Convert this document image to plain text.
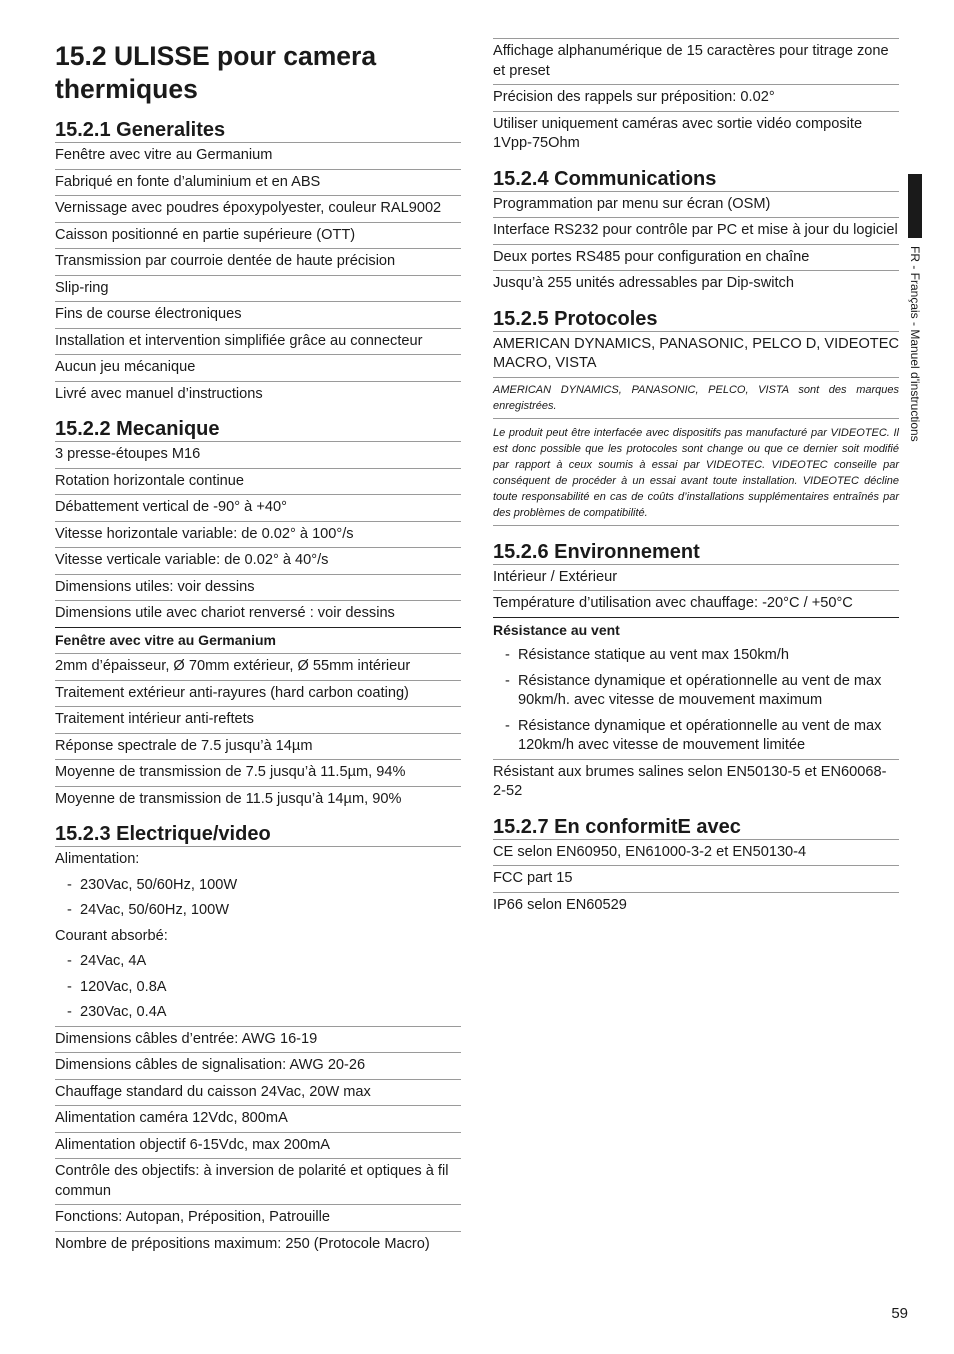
15.2 ULISSE pour camera thermiques
15.2.1 Generalites
Fenêtre avec vitre au Germanium
Fabriqué en fonte d’aluminium et en ABS
Vernissage avec poudres époxypolyester, couleur RAL9002
Caisson positionné en partie supérieure (OTT)
Transmission par courroie dentée de haute précision
Slip-ring
Fins de course électroniques
Installation et intervention simplifiée grâce au connecteur
Aucun jeu mécanique
Livré avec manuel d’instructions
15.2.2 Mecanique
3 presse-étoupes M16
Rotation horizontale continue
Débattement vertical de -90° à +40°
Vitesse horizontale variable: de 0.02° à 100°/s
Vitesse verticale variable: de 0.02° à 40°/s
Dimensions utiles: voir dessins
Dimensions utile avec chariot renversé : voir dessins
Fenêtre avec vitre au Germanium
2mm d’épaisseur, Ø 70mm extérieur, Ø 55mm intérieur
Traitement extérieur anti-rayures (hard carbon coating)
Traitement intérieur anti-reftets
Réponse spectrale de 7.5 jusqu’à 14µm
Moyenne de transmission de 7.5 jusqu’à 11.5µm, 94%
Moyenne de transmission de 11.5 jusqu’à 14µm, 90%
15.2.3 Electrique/video
Alimentation:
- 230Vac, 50/60Hz, 100W
- 24Vac, 50/60Hz, 100W
Courant absorbé:
- 24Vac, 4A
- 120Vac, 0.8A
- 230Vac, 0.4A
Dimensions câbles d’entrée: AWG 16-19
Dimensions câbles de signalisation: AWG 20-26
Chauffage standard du caisson 24Vac, 20W max
Alimentation caméra 12Vdc, 800mA
Alimentation objectif 6-15Vdc, max 200mA
Contrôle des objectifs: à inversion de polarité et optiques à fil commun
Fonctions: Autopan, Préposition, Patrouille
Nombre de prépositions maximum: 250 (Protocole Macro)
Affichage alphanumérique de 15 caractères pour titrage zone et preset
Précision des rappels sur préposition: 0.02°
Utiliser uniquement caméras avec sortie vidéo composite 1Vpp-75Ohm
15.2.4 Communications
Programmation par menu sur écran (OSM)
Interface RS232 pour contrôle par PC et mise à jour du logiciel
Deux portes RS485 pour configuration en chaîne
Jusqu’à 255 unités adressables par Dip-switch
15.2.5 Protocoles
AMERICAN DYNAMICS, PANASONIC, PELCO D, VIDEOTEC MACRO, VISTA
AMERICAN DYNAMICS, PANASONIC, PELCO, VISTA sont des marques enregistrées.
Le produit peut être interfacée avec dispositifs pas manufacturé par VIDEOTEC. Il est donc possible que les protocoles sont change ou que ce dernier soit modifié par rapport à ceux soumis à essai par VIDEOTEC. VIDEOTEC conseille par conséquent de procéder à un essai avant toute installation. VIDEOTEC décline toute responsabilité en cas de coûts d’installations supplémentaires entraînés par des problèmes de compatibilité.
15.2.6 Environnement
Intérieur / Extérieur
Température d’utilisation avec chauffage: -20°C / +50°C
Résistance au vent
- Résistance statique au vent max 150km/h
- Résistance dynamique et opérationnelle au vent de max 90km/h. avec vitesse de mouvement maximum
- Résistance dynamique et opérationnelle au vent de max 120km/h avec vitesse de mouvement limitée
Résistant aux brumes salines selon EN50130-5 et EN60068-2-52
15.2.7 En conformitE avec
CE selon EN60950, EN61000-3-2 et EN50130-4
FCC part 15
IP66 selon EN60529
FR - Français - Manuel d'instructions
59
